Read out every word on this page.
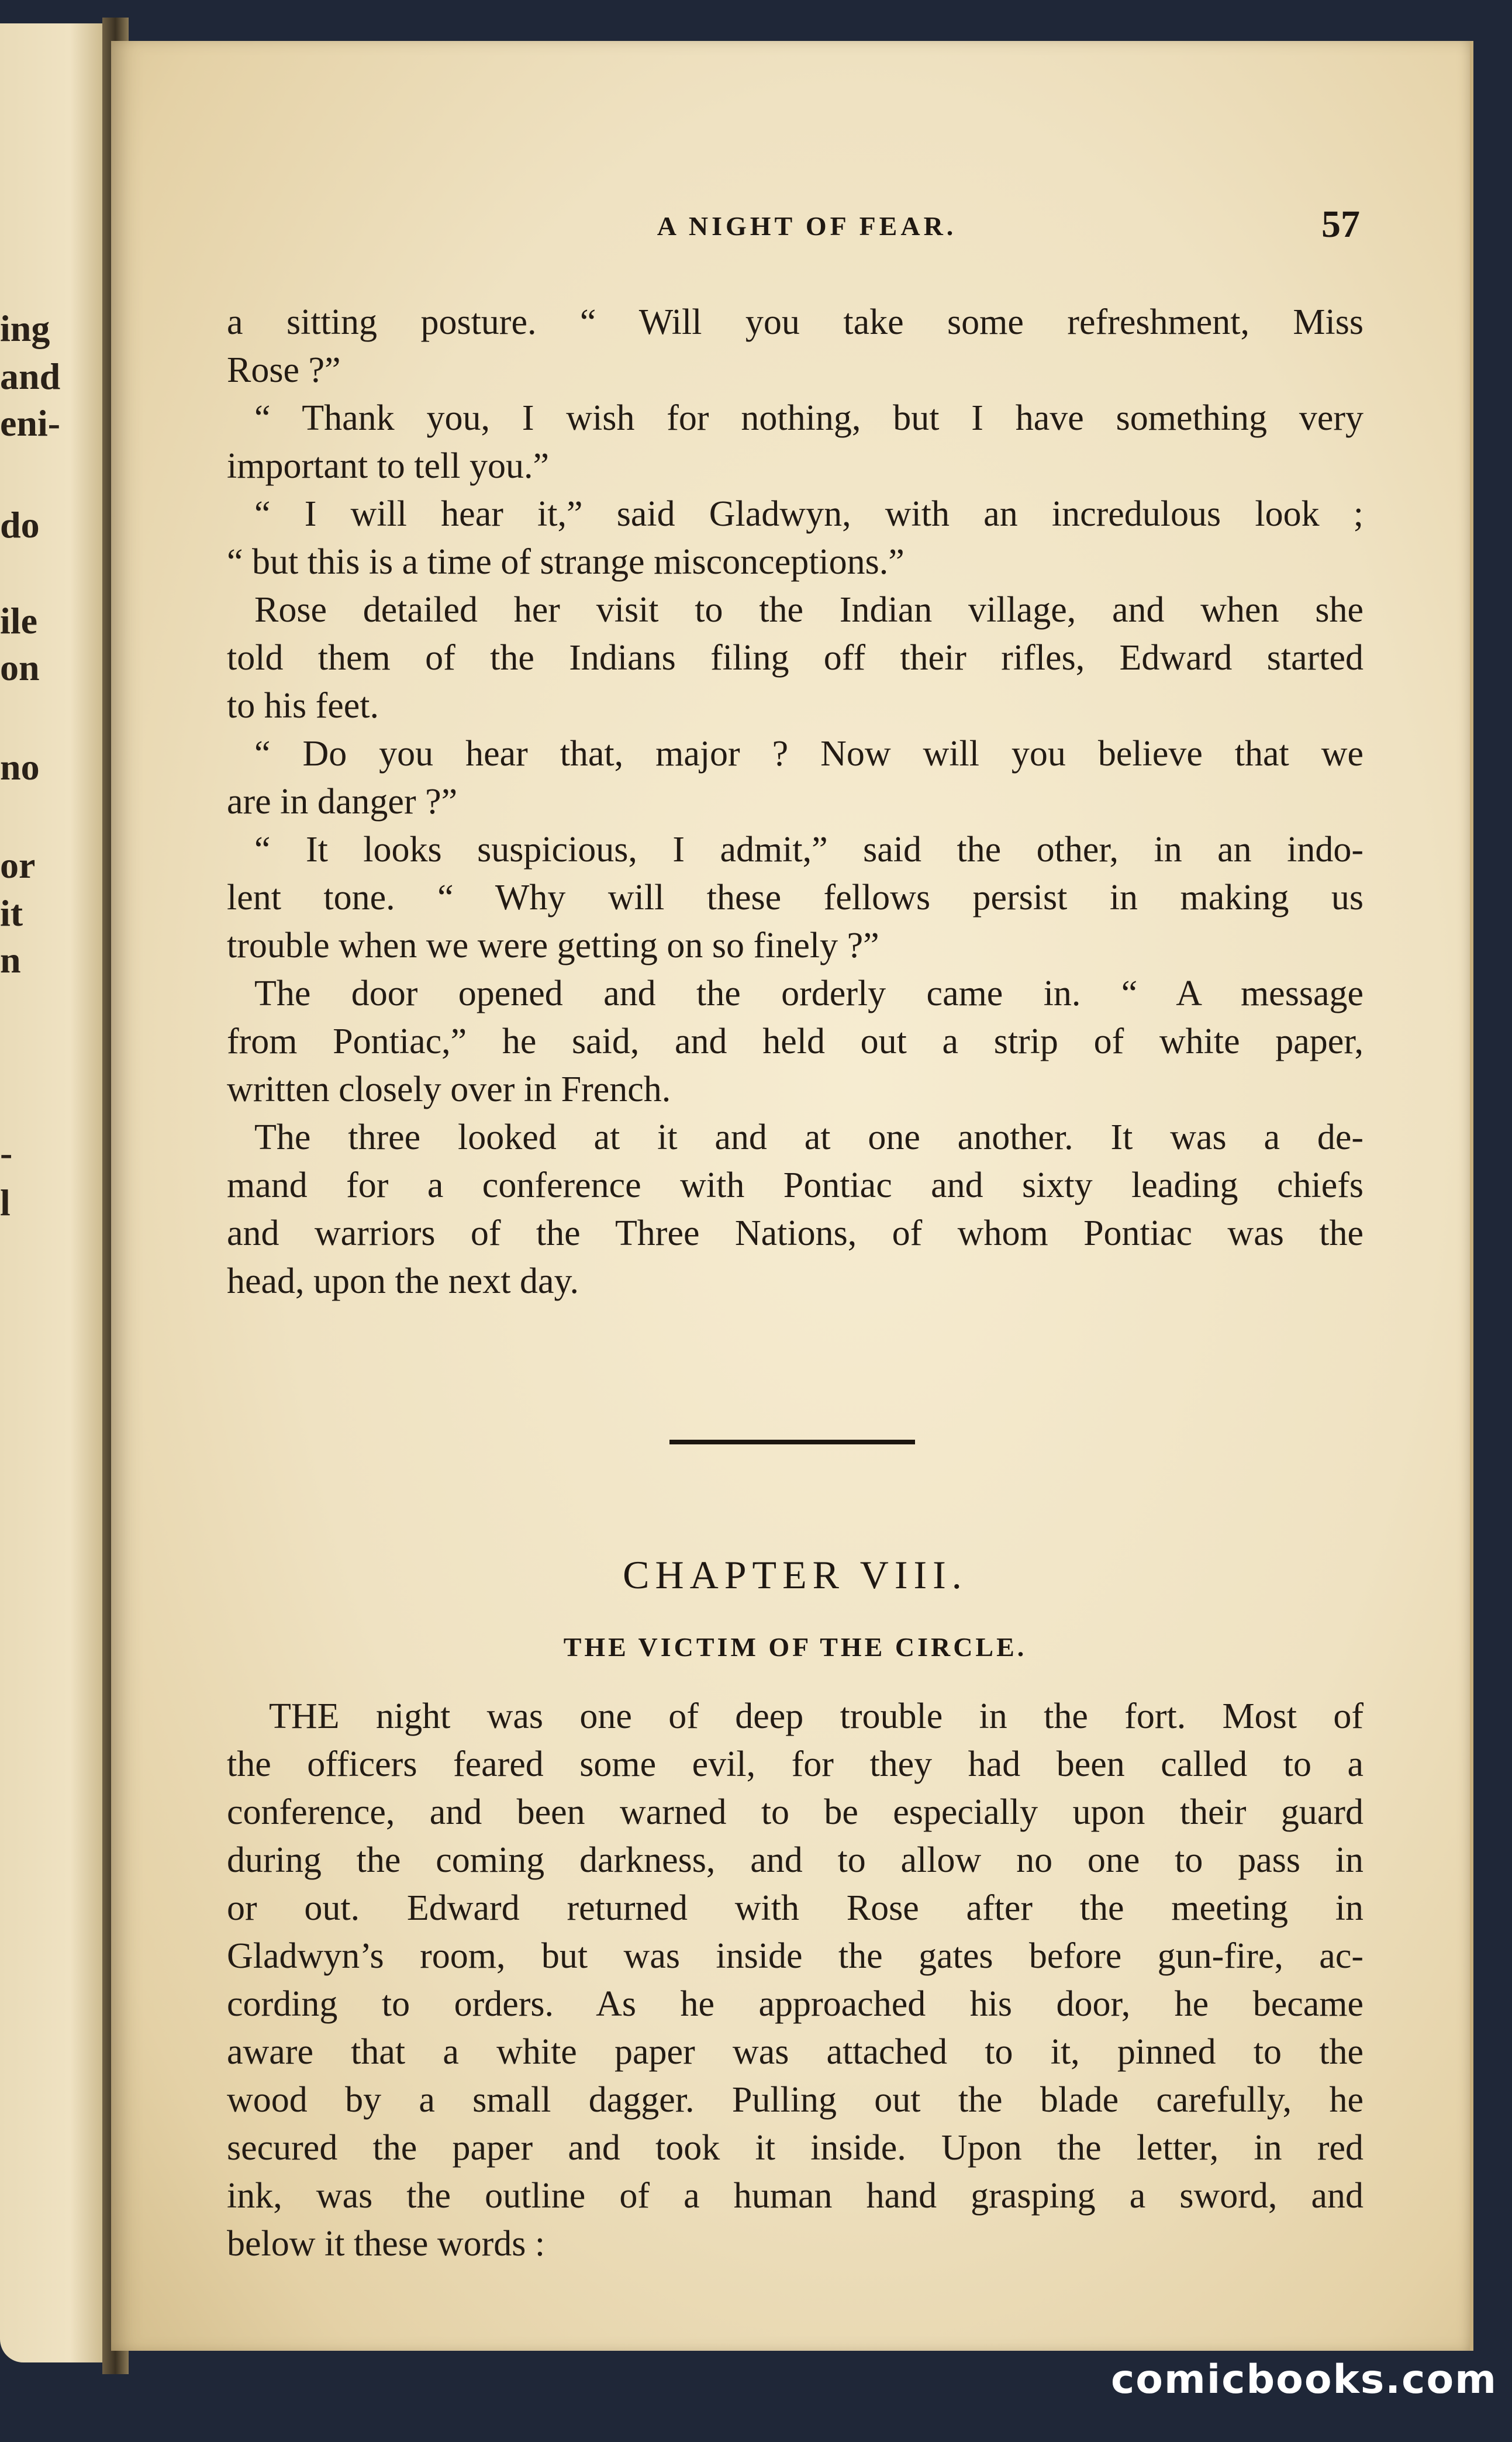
ing
and
eni-
do
ile
on
no
or
it
n
-
l
A NIGHT OF FEAR.	57
a sitting posture. “ Will you take some refreshment, Miss
Rose ?”
“ Thank you, I wish for nothing, but I have something very
important to tell you.”
“ I will hear it,” said Gladwyn, with an incredulous look ;
“ but this is a time of strange misconceptions.”
Rose detailed her visit to the Indian village, and when she
told them of the Indians filing off their rifles, Edward started
to his feet.
“ Do you hear that, major ? Now will you believe that we
are in danger ?”
“ It looks suspicious, I admit,” said the other, in an indo-
lent tone. “ Why will these fellows persist in making us
trouble when we were getting on so finely ?”
The door opened and the orderly came in. “ A message
from Pontiac,” he said, and held out a strip of white paper,
written closely over in French.
The three looked at it and at one another. It was a de-
mand for a conference with Pontiac and sixty leading chiefs
and warriors of the Three Nations, of whom Pontiac was the
head, upon the next day.
CHAPTER VIII.
THE VICTIM OF THE CIRCLE.
THE night was one of deep trouble in the fort. Most of
the officers feared some evil, for they had been called to a
conference, and been warned to be especially upon their guard
during the coming darkness, and to allow no one to pass in
or out. Edward returned with Rose after the meeting in
Gladwyn’s room, but was inside the gates before gun-fire, ac-
cording to orders. As he approached his door, he became
aware that a white paper was attached to it, pinned to the
wood by a small dagger. Pulling out the blade carefully, he
secured the paper and took it inside. Upon the letter, in red
ink, was the outline of a human hand grasping a sword, and
below it these words :
comicbooks.com
